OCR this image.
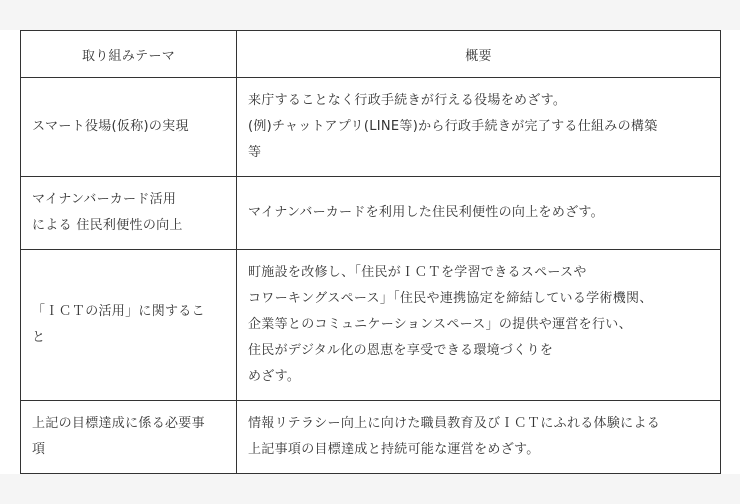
取り組みテーマ	概要

スマート役場(仮称)の実現	来庁することなく行政手続きが行える役場をめざす。
(例)チャットアプリ(LINE等)から行政手続きが完了する仕組みの構築
等

マイナンバーカード活用
による 住民利便性の向上	マイナンバーカードを利用した住民利便性の向上をめざす。

「ＩＣＴの活用」に関するこ
と	町施設を改修し、「住民がＩＣＴを学習できるスペースや
コワーキングスペース」「住民や連携協定を締結している学術機関、
企業等とのコミュニケーションスペース」の提供や運営を行い、
住民がデジタル化の恩恵を享受できる環境づくりを
めざす。

上記の目標達成に係る必要事
項	情報リテラシー向上に向けた職員教育及びＩＣＴにふれる体験による
上記事項の目標達成と持続可能な運営をめざす。
